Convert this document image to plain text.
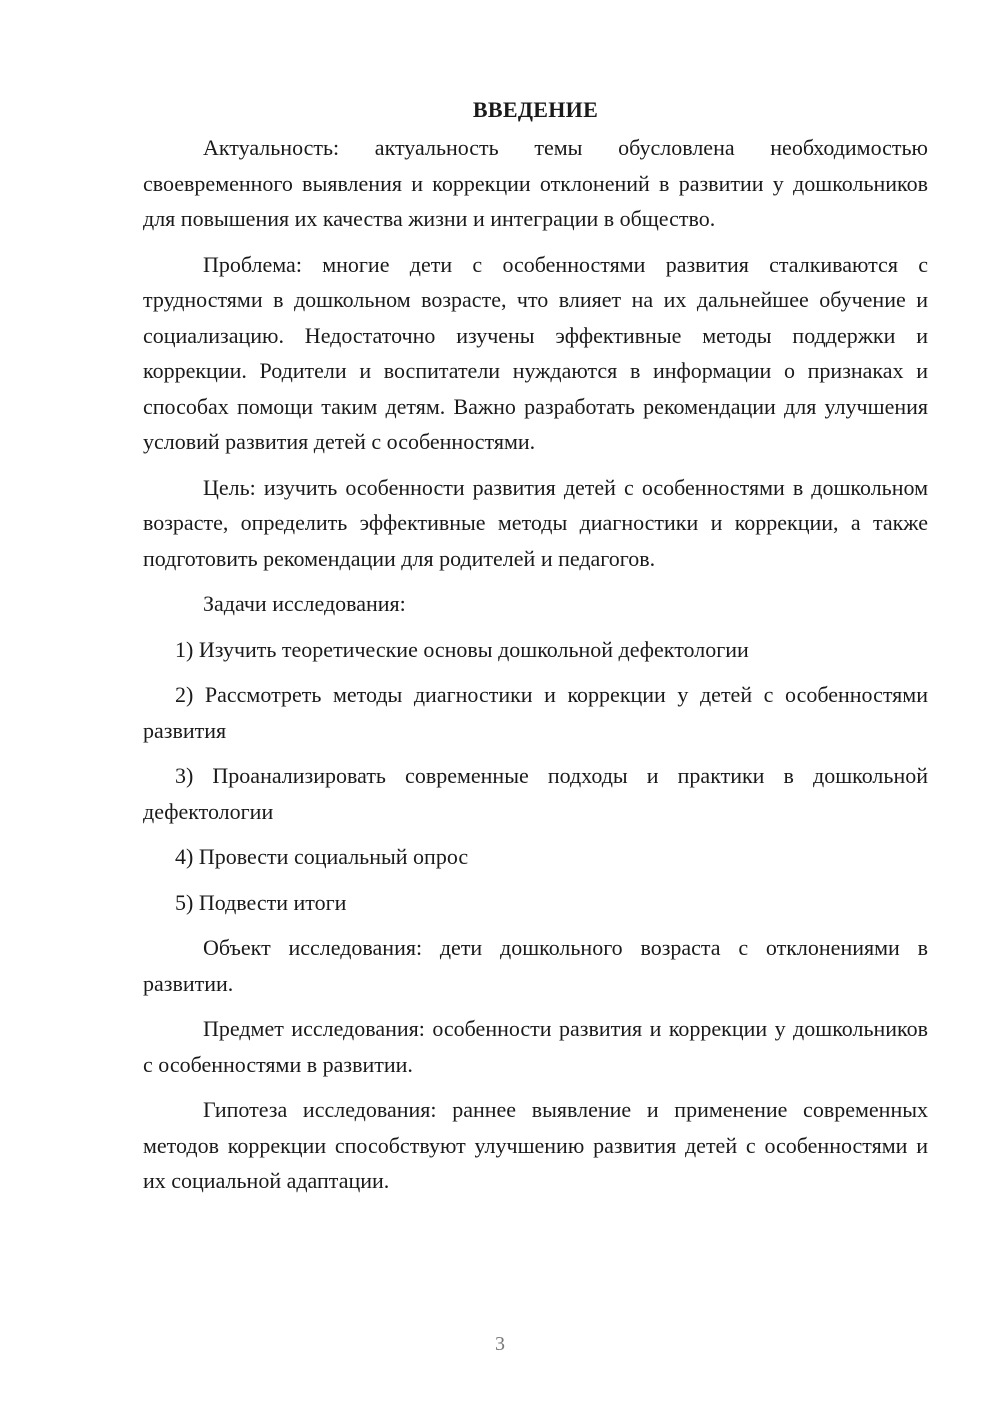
ВВЕДЕНИЕ

Актуальность: актуальность темы обусловлена необходимостью своевременного выявления и коррекции отклонений в развитии у дошкольников для повышения их качества жизни и интеграции в общество.

Проблема: многие дети с особенностями развития сталкиваются с трудностями в дошкольном возрасте, что влияет на их дальнейшее обучение и социализацию. Недостаточно изучены эффективные методы поддержки и коррекции. Родители и воспитатели нуждаются в информации о признаках и способах помощи таким детям. Важно разработать рекомендации для улучшения условий развития детей с особенностями.

Цель: изучить особенности развития детей с особенностями в дошкольном возрасте, определить эффективные методы диагностики и коррекции, а также подготовить рекомендации для родителей и педагогов.

Задачи исследования:

1) Изучить теоретические основы дошкольной дефектологии

2) Рассмотреть методы диагностики и коррекции у детей с особенностями развития

3) Проанализировать современные подходы и практики в дошкольной дефектологии

4) Провести социальный опрос

5) Подвести итоги

Объект исследования: дети дошкольного возраста с отклонениями в развитии.

Предмет исследования: особенности развития и коррекции у дошкольников с особенностями в развитии.

Гипотеза исследования: раннее выявление и применение современных методов коррекции способствуют улучшению развития детей с особенностями и их социальной адаптации.

3
